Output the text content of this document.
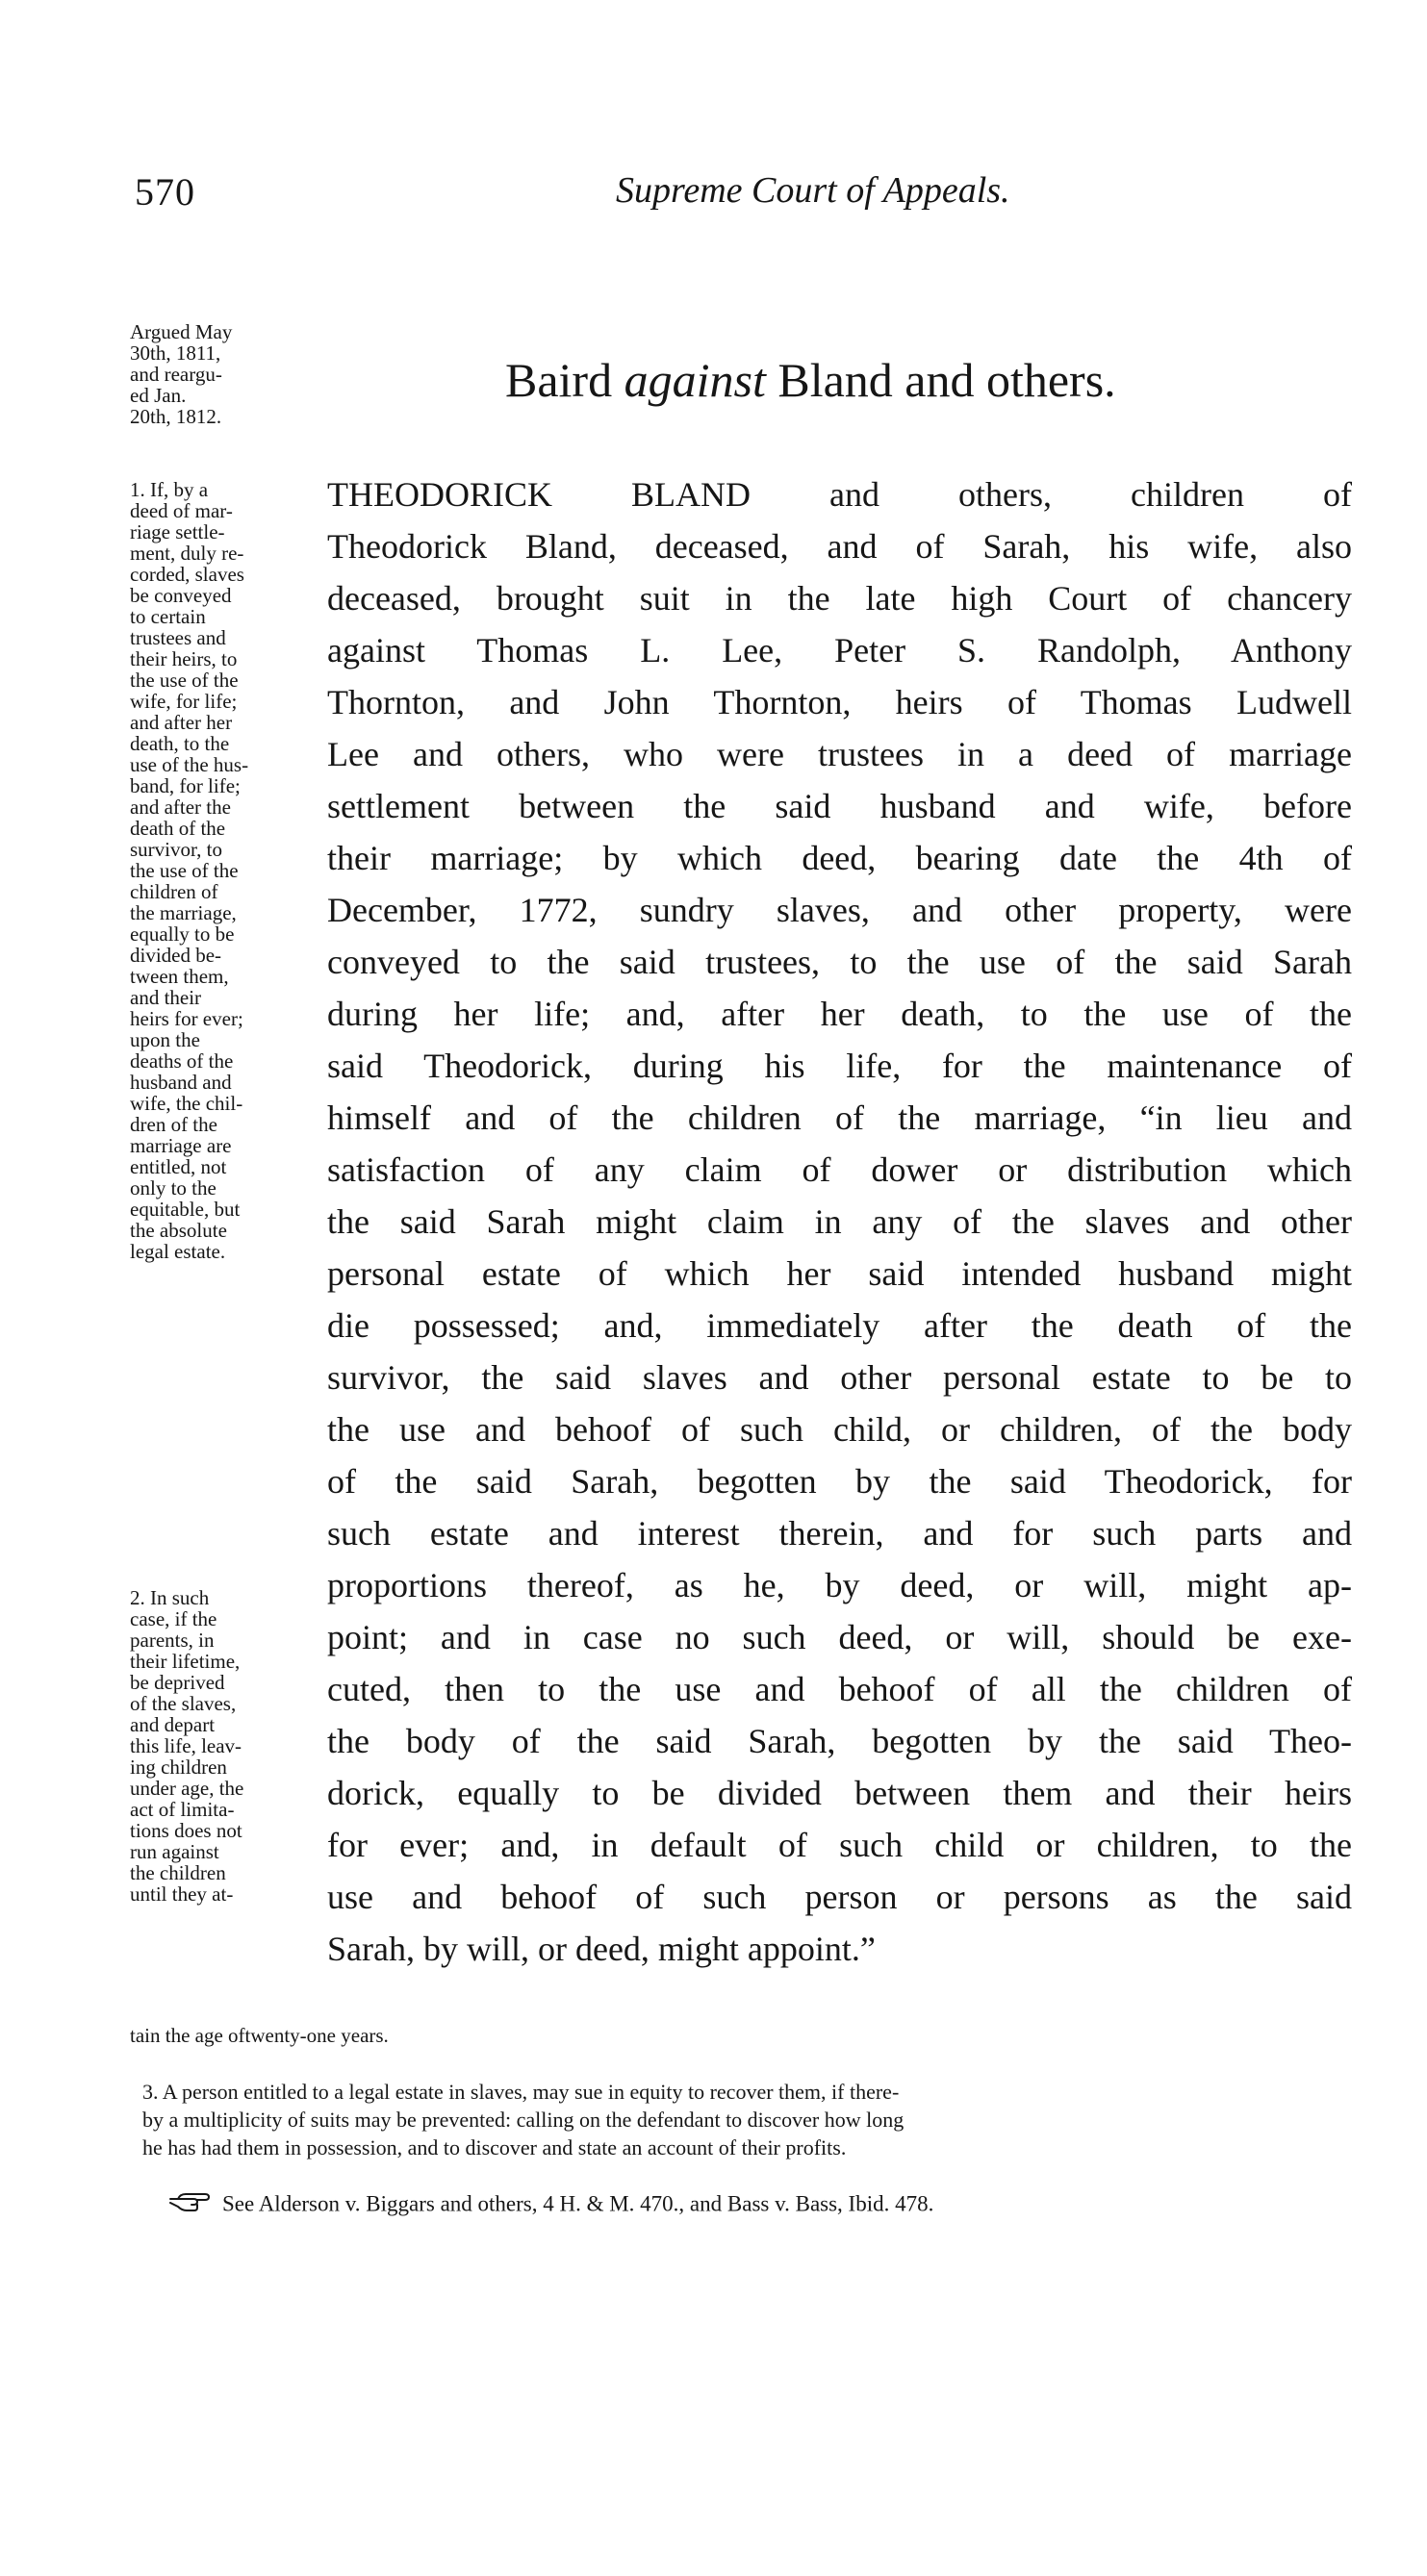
570	Supreme Court of Appeals.
Baird against Bland and others.
Argued May
30th, 1811,
and reargu-
ed Jan.
20th, 1812.
1. If, by a
deed of mar-
riage settle-
ment, duly re-
corded, slaves
be conveyed
to certain
trustees and
their heirs, to
the use of the
wife, for life;
and after her
death, to the
use of the hus-
band, for life;
and after the
death of the
survivor, to
the use of the
children of
the marriage,
equally to be
divided be-
tween them,
and their
heirs for ever;
upon the
deaths of the
husband and
wife, the chil-
dren of the
marriage are
entitled, not
only to the
equitable, but
the absolute
legal estate.
2. In such
case, if the
parents, in
their lifetime,
be deprived
of the slaves,
and depart
this life, leav-
ing children
under age, the
act of limita-
tions does not
run against
the children
until they at-
THEODORICK BLAND and others, children of
Theodorick Bland, deceased, and of Sarah, his wife, also
deceased, brought suit in the late high Court of chancery
against Thomas L. Lee, Peter S. Randolph, Anthony
Thornton, and John Thornton, heirs of Thomas Ludwell
Lee and others, who were trustees in a deed of marriage
settlement between the said husband and wife, before
their marriage; by which deed, bearing date the 4th of
December, 1772, sundry slaves, and other property, were
conveyed to the said trustees, to the use of the said Sarah
during her life; and, after her death, to the use of the
said Theodorick, during his life, for the maintenance of
himself and of the children of the marriage, “in lieu and
satisfaction of any claim of dower or distribution which
the said Sarah might claim in any of the slaves and other
personal estate of which her said intended husband might
die possessed; and, immediately after the death of the
survivor, the said slaves and other personal estate to be to
the use and behoof of such child, or children, of the body
of the said Sarah, begotten by the said Theodorick, for
such estate and interest therein, and for such parts and
proportions thereof, as he, by deed, or will, might ap-
point; and in case no such deed, or will, should be exe-
cuted, then to the use and behoof of all the children of
the body of the said Sarah, begotten by the said Theo-
dorick, equally to be divided between them and their heirs
for ever; and, in default of such child or children, to the
use and behoof of such person or persons as the said
Sarah, by will, or deed, might appoint.”
tain the age oftwenty-one years.
3. A person entitled to a legal estate in slaves, may sue in equity to recover them, if there-
by a multiplicity of suits may be prevented: calling on the defendant to discover how long
he has had them in possession, and to discover and state an account of their profits.
See Alderson v. Biggars and others, 4 H. & M. 470., and Bass v. Bass, Ibid. 478.
